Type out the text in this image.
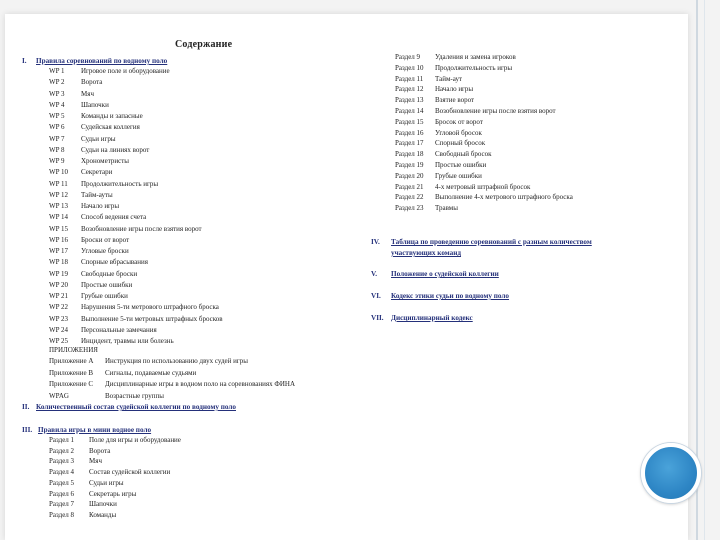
Содержание
I. Правила соревнований по водному поло
WP 1 Игровое поле и оборудование
WP 2 Ворота
WP 3 Мяч
WP 4 Шапочки
WP 5 Команды и запасные
WP 6 Судейская коллегия
WP 7 Судьи игры
WP 8 Судьи на линиях ворот
WP 9 Хронометристы
WP 10 Секретари
WP 11 Продолжительность игры
WP 12 Тайм-ауты
WP 13 Начало игры
WP 14 Способ ведения счета
WP 15 Возобновление игры после взятия ворот
WP 16 Броски от ворот
WP 17 Угловые броски
WP 18 Спорные вбрасывания
WP 19 Свободные броски
WP 20 Простые ошибки
WP 21 Грубые ошибки
WP 22 Нарушения 5-ти метрового штрафного броска
WP 23 Выполнение 5-ти метровых штрафных бросков
WP 24 Персональные замечания
WP 25 Инцидент, травмы или болезнь
ПРИЛОЖЕНИЯ
Приложение А Инструкция по использованию двух судей игры
Приложение В Сигналы, подаваемые судьями
Приложение С Дисциплинарные игры в водном поло на соревнованиях ФИНА
WPAG	Возрастные группы
II. Количественный состав судейской коллегии по водному поло
III. Правила игры в мини водное поло
Раздел 1 Поле для игры и оборудование
Раздел 2 Ворота
Раздел 3 Мяч
Раздел 4 Состав судейской коллегии
Раздел 5 Судьи игры
Раздел 6 Секретарь игры
Раздел 7 Шапочки
Раздел 8 Команды
Раздел 9 Удаления и замена игроков
Раздел 10 Продолжительность игры
Раздел 11 Тайм-аут
Раздел 12 Начало игры
Раздел 13 Взятие ворот
Раздел 14 Возобновление игры после взятия ворот
Раздел 15 Бросок от ворот
Раздел 16 Угловой бросок
Раздел 17 Спорный бросок
Раздел 18 Свободный бросок
Раздел 19 Простые ошибки
Раздел 20 Грубые ошибки
Раздел 21 4-х метровый штрафной бросок
Раздел 22 Выполнение 4-х метрового штрафного броска
Раздел 23 Травмы
IV. Таблица по проведению соревнований с разным количеством
участвующих команд
V. Положение о судейской коллегии
VI. Кодекс этики судьи по водному поло
VII. Дисциплинарный кодекс
